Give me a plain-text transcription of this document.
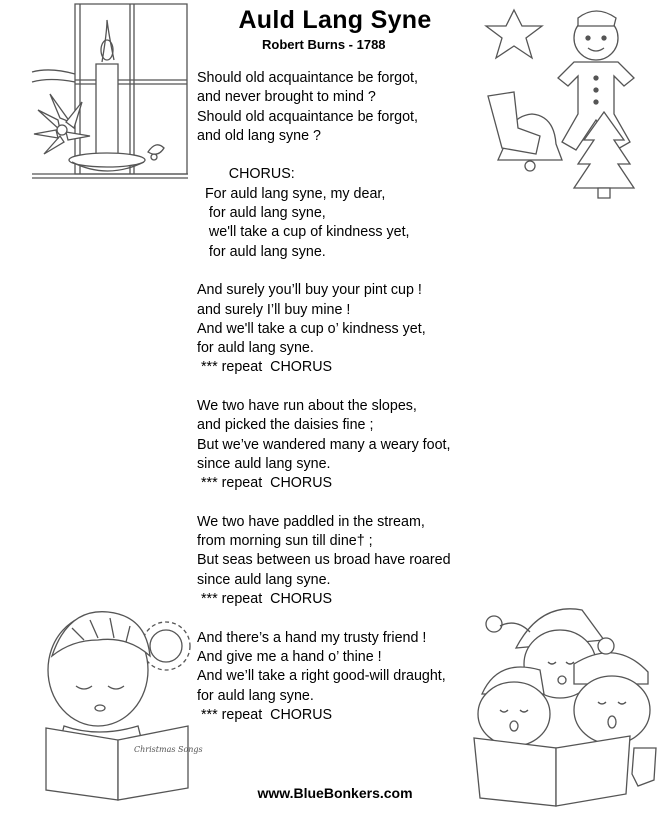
Auld Lang Syne
Robert Burns - 1788
Should old acquaintance be forgot,
and never brought to mind ?
Should old acquaintance be forgot,
and old lang syne ?
CHORUS:
For auld lang syne, my dear,
for auld lang syne,
we'll take a cup of kindness yet,
for auld lang syne.
And surely you’ll buy your pint cup !
and surely I’ll buy mine !
And we'll take a cup o’ kindness yet,
for auld lang syne.
*** repeat  CHORUS
We two have run about the slopes,
and picked the daisies fine ;
But we’ve wandered many a weary foot,
since auld lang syne.
*** repeat  CHORUS
We two have paddled in the stream,
from morning sun till dine† ;
But seas between us broad have roared
since auld lang syne.
*** repeat  CHORUS
And there’s a hand my trusty friend !
And give me a hand o’ thine !
And we’ll take a right good-will draught,
for auld lang syne.
*** repeat  CHORUS
Christmas Songs
www.BlueBonkers.com
